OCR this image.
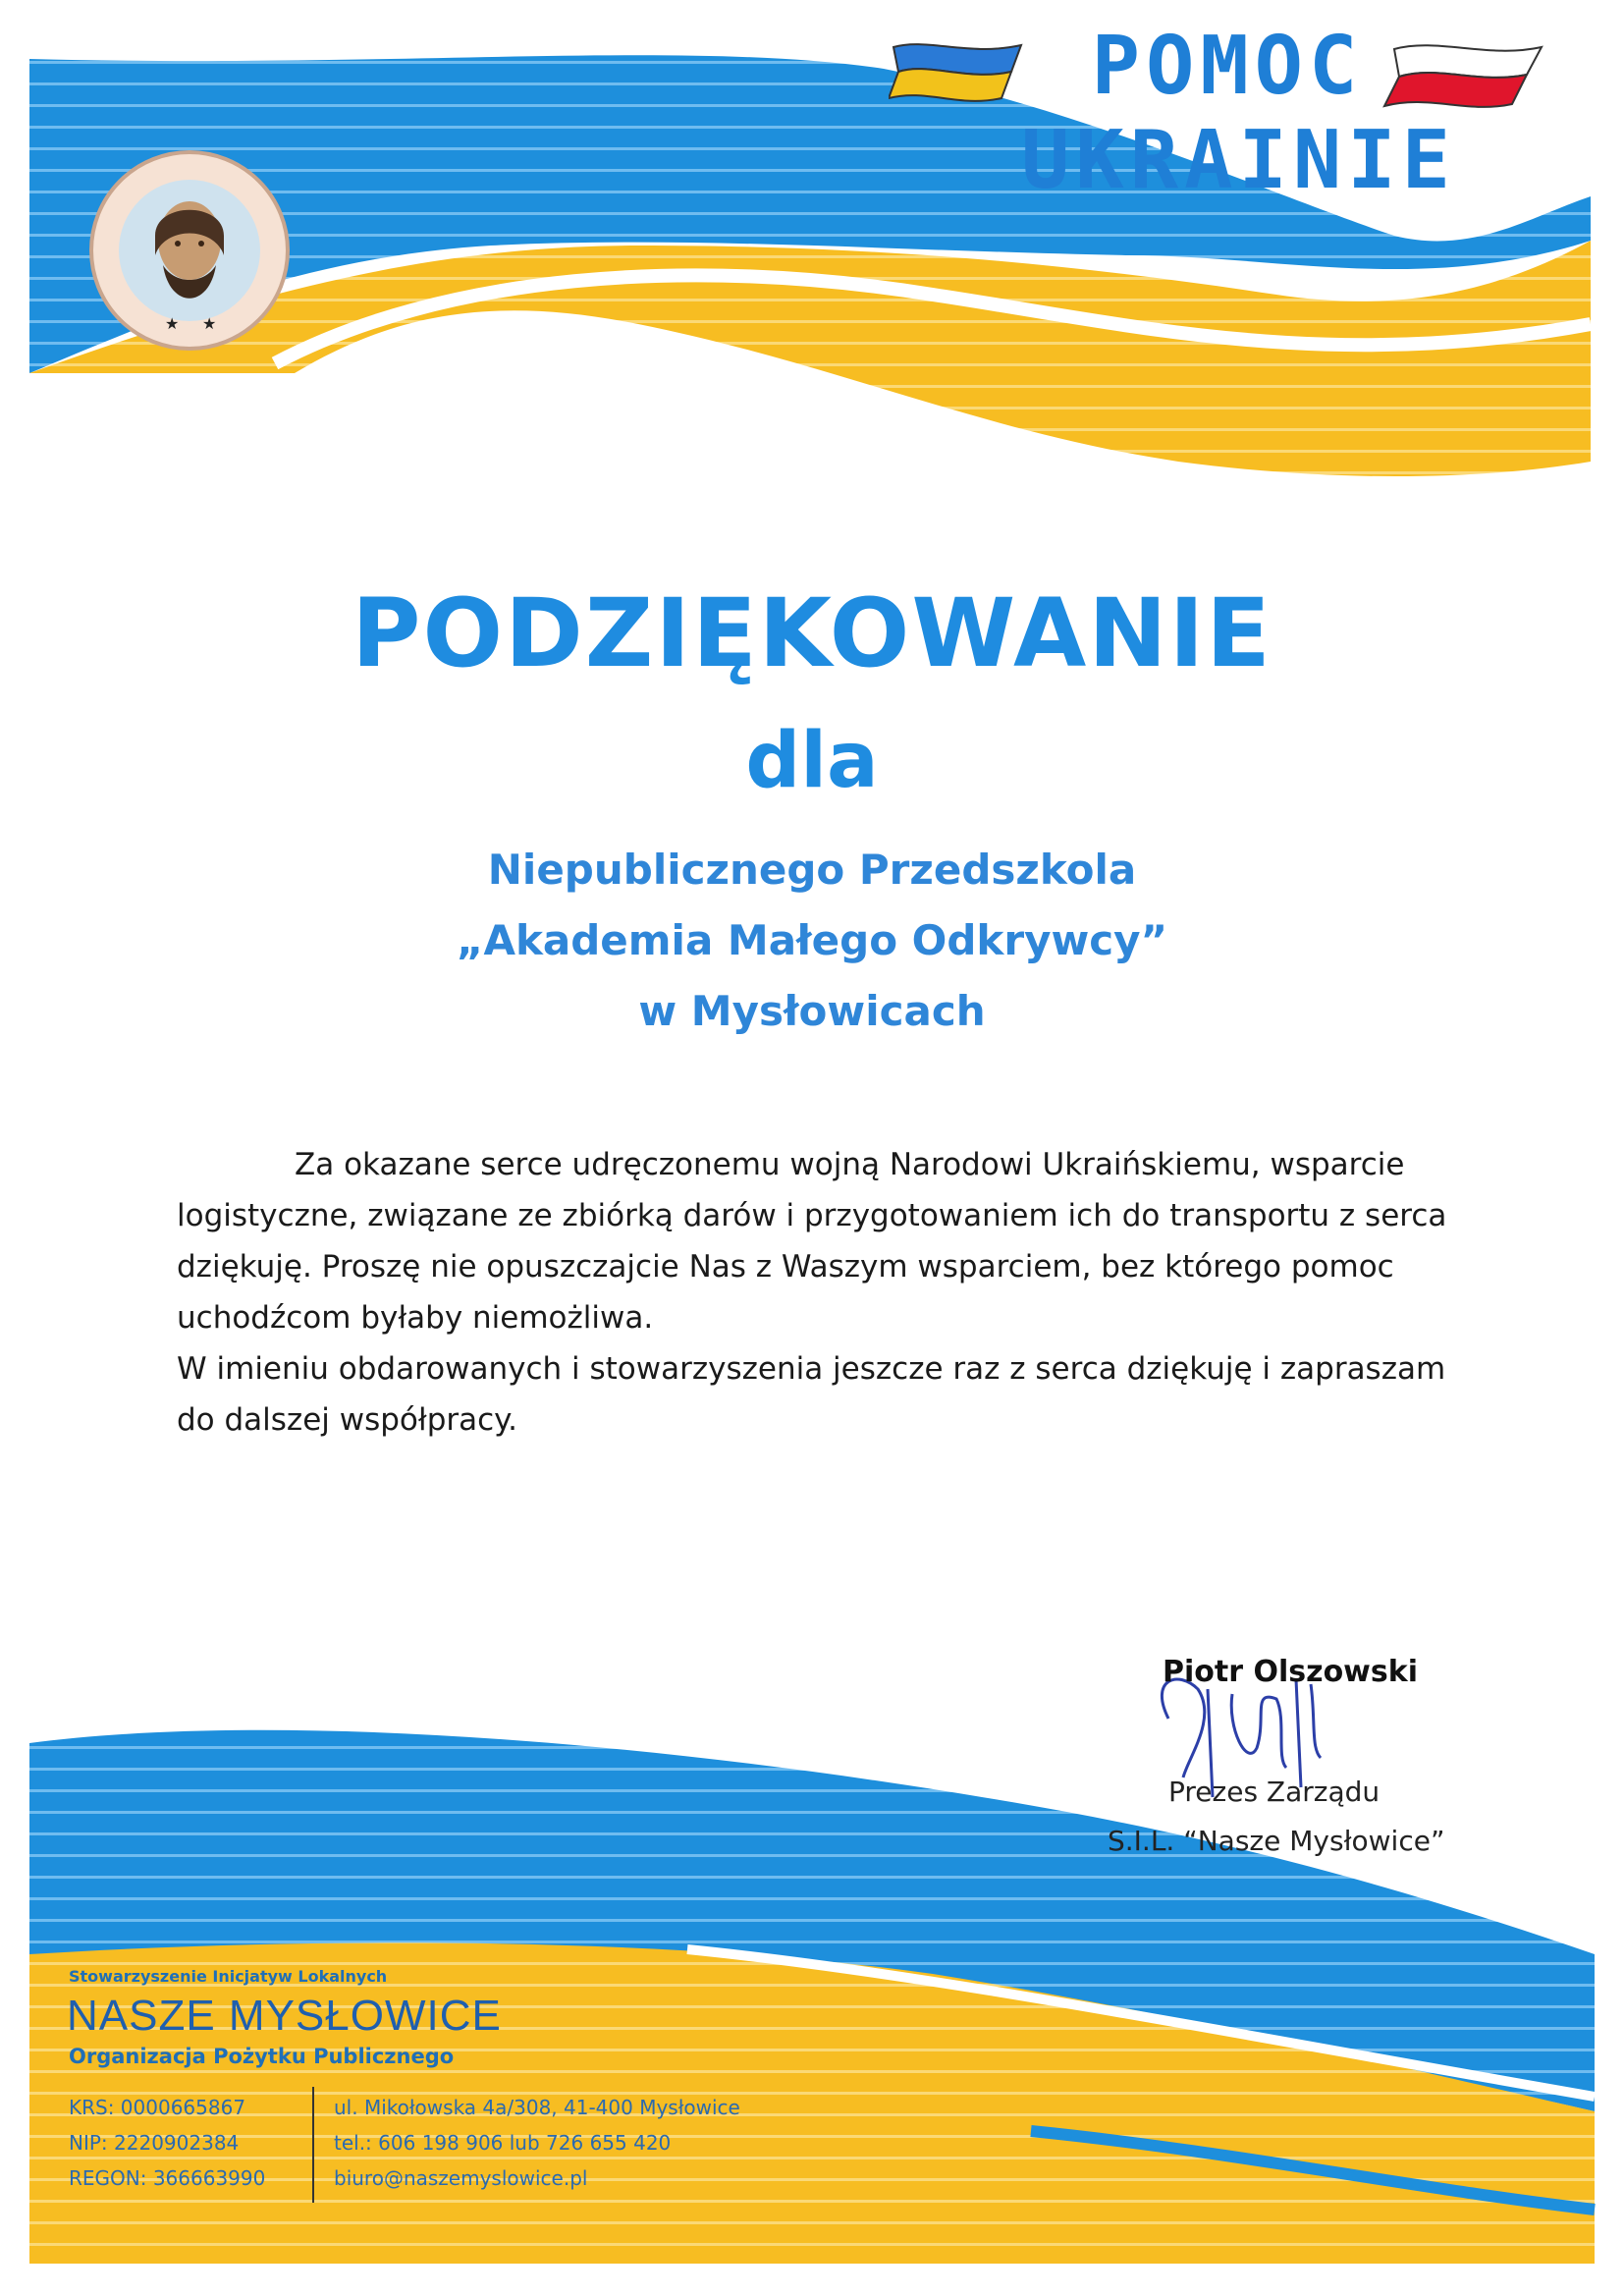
★ ★
POMOC
UKRAINIE
PODZIĘKOWANIE
dla
Niepublicznego Przedszkola
„Akademia Małego Odkrywcy”
w Mysłowicach

Za okazane serce udręczonemu wojną Narodowi Ukraińskiemu, wsparcie logistyczne, związane ze zbiórką darów i przygotowaniem ich do transportu z serca dziękuję. Proszę nie opuszczajcie Nas z Waszym wsparciem, bez którego pomoc uchodźcom byłaby niemożliwa.

W imieniu obdarowanych i stowarzyszenia jeszcze raz z serca dziękuję i zapraszam do dalszej współpracy.

Piotr Olszowski
Prezes Zarządu
S.I.L. “Nasze Mysłowice”
Stowarzyszenie Inicjatyw Lokalnych
NASZE MYSŁOWICE
Organizacja Pożytku Publicznego
KRS: 0000665867
NIP: 2220902384
REGON: 366663990
ul. Mikołowska 4a/308, 41-400 Mysłowice
tel.: 606 198 906 lub 726 655 420
biuro@naszemyslowice.pl
